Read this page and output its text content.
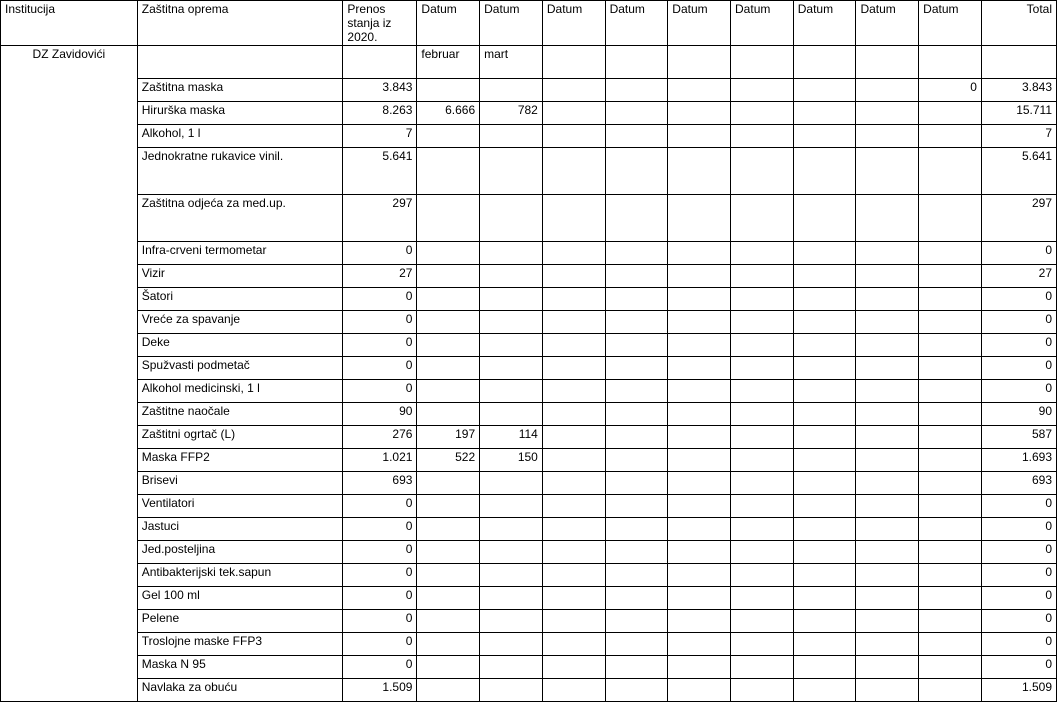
Institucija	Zaštitna oprema	Prenos stanja iz 2020.	Datum	Datum	Datum	Datum	Datum	Datum	Datum	Datum	Datum	Total
DZ Zavidovići			februar	mart								
	Zaštitna maska	3.843									0	3.843
	Hirurška maska	8.263	6.666	782								15.711
	Alkohol, 1 l	7										7
	Jednokratne rukavice vinil.	5.641										5.641
	Zaštitna odjeća za med.up.	297										297
	Infra-crveni termometar	0										0
	Vizir	27										27
	Šatori	0										0
	Vreće za spavanje	0										0
	Deke	0										0
	Spužvasti podmetač	0										0
	Alkohol medicinski, 1 l	0										0
	Zaštitne naočale	90										90
	Zaštitni ogrtač (L)	276	197	114								587
	Maska FFP2	1.021	522	150								1.693
	Brisevi	693										693
	Ventilatori	0										0
	Jastuci	0										0
	Jed.posteljina	0										0
	Antibakterijski tek.sapun	0										0
	Gel 100 ml	0										0
	Pelene	0										0
	Troslojne maske FFP3	0										0
	Maska N 95	0										0
	Navlaka za obuću	1.509										1.509
